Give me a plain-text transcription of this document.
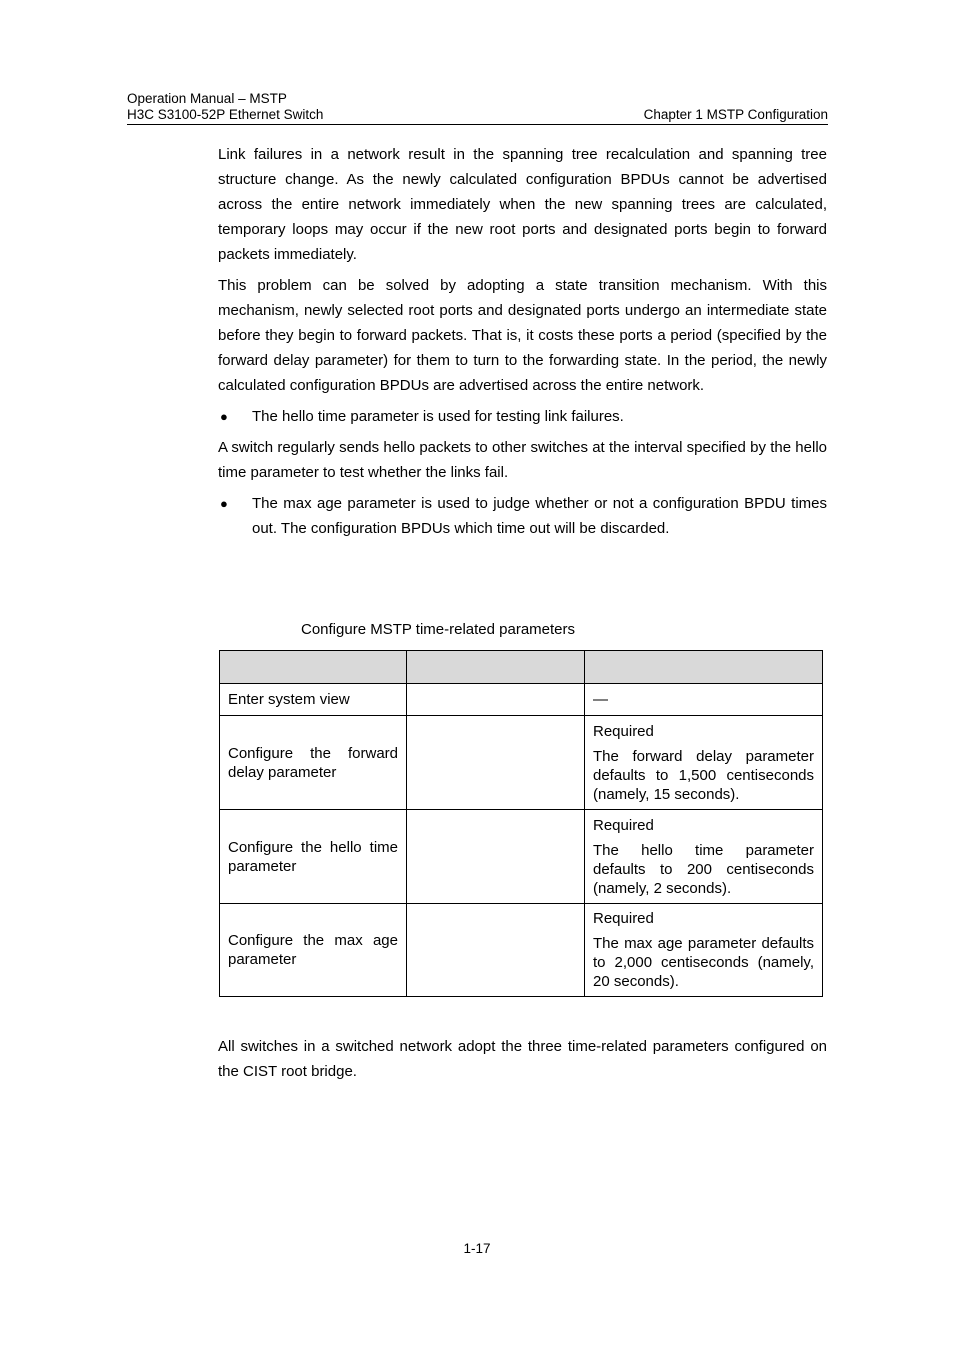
Operation Manual – MSTP
H3C S3100-52P Ethernet Switch	Chapter 1 MSTP Configuration

Link failures in a network result in the spanning tree recalculation and spanning tree structure change. As the newly calculated configuration BPDUs cannot be advertised across the entire network immediately when the new spanning trees are calculated, temporary loops may occur if the new root ports and designated ports begin to forward packets immediately.

This problem can be solved by adopting a state transition mechanism. With this mechanism, newly selected root ports and designated ports undergo an intermediate state before they begin to forward packets. That is, it costs these ports a period (specified by the forward delay parameter) for them to turn to the forwarding state. In the period, the newly calculated configuration BPDUs are advertised across the entire network.

● The hello time parameter is used for testing link failures.

A switch regularly sends hello packets to other switches at the interval specified by the hello time parameter to test whether the links fail.

● The max age parameter is used to judge whether or not a configuration BPDU times out. The configuration BPDUs which time out will be discarded.
Configure MSTP time-related parameters

Enter system view		—
Configure the forward delay parameter		Required
The forward delay parameter defaults to 1,500 centiseconds (namely, 15 seconds).
Configure the hello time parameter		Required
The hello time parameter defaults to 200 centiseconds (namely, 2 seconds).
Configure the max age parameter		Required
The max age parameter defaults to 2,000 centiseconds (namely, 20 seconds).

All switches in a switched network adopt the three time-related parameters configured on the CIST root bridge.

1-17
